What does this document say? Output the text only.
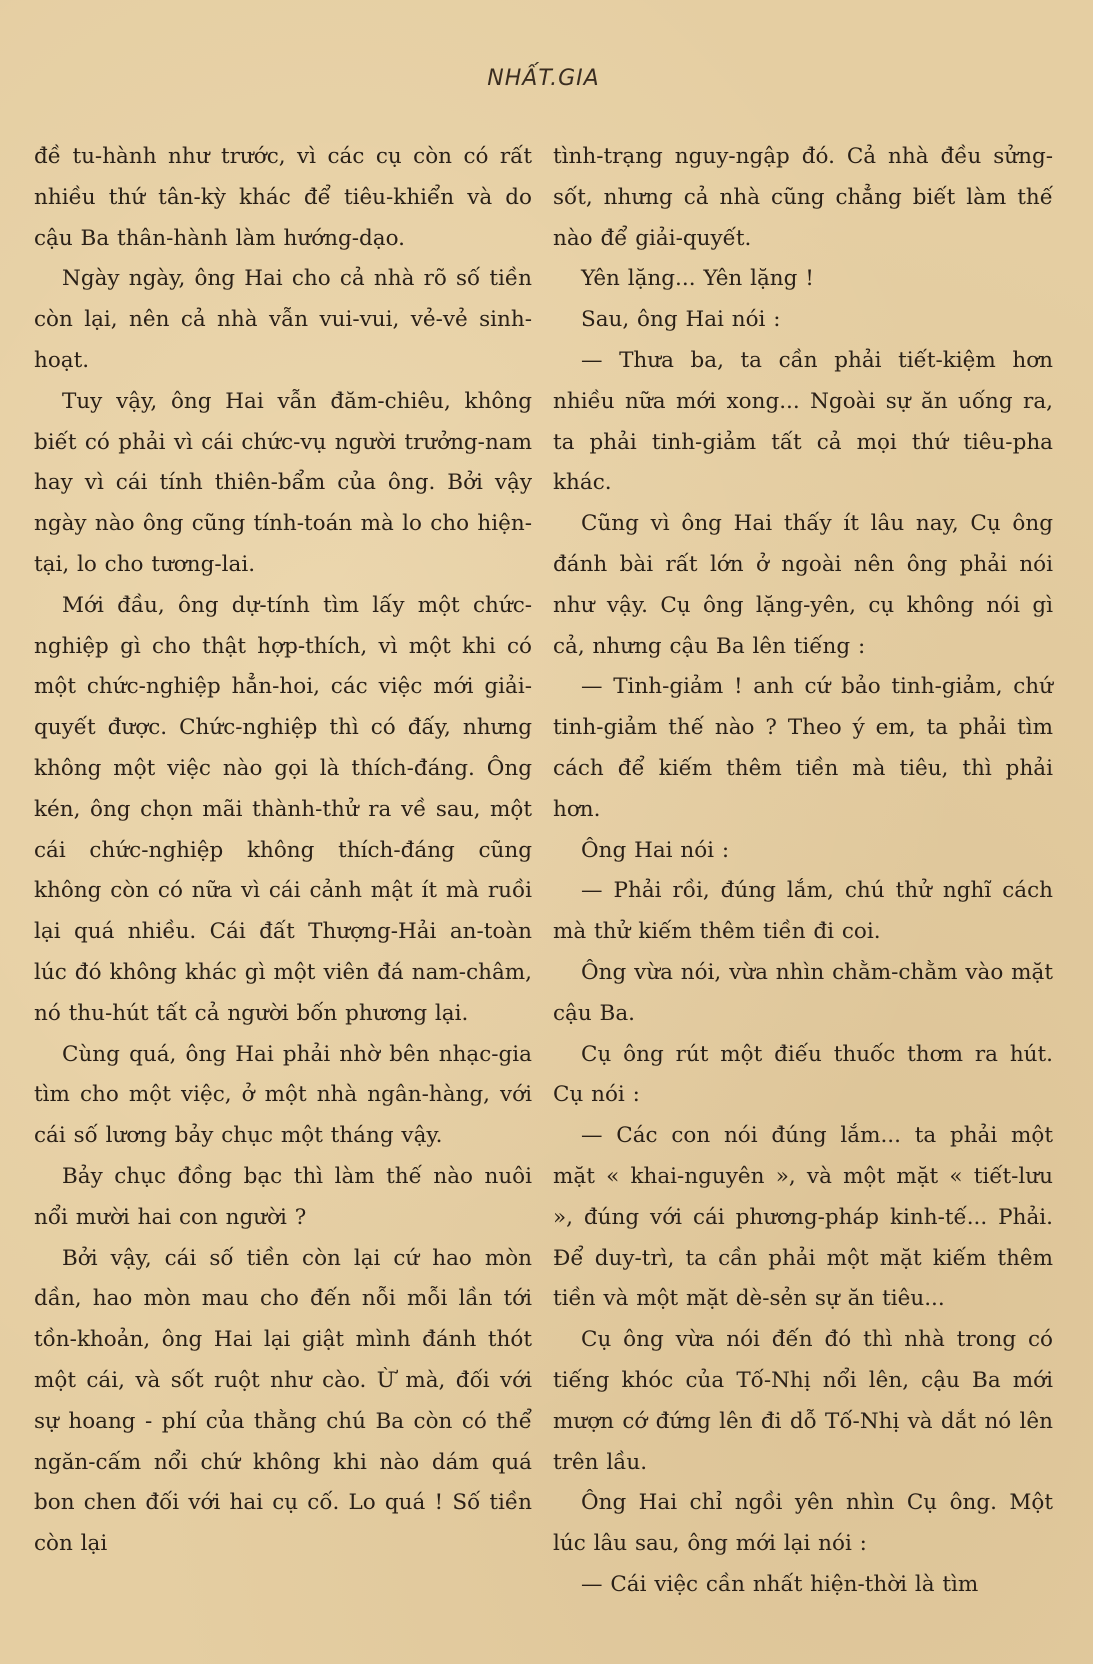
NHẤT.GIA

đề tu-hành như trước, vì các cụ còn có rất nhiều thứ tân-kỳ khác để tiêu-khiển và do cậu Ba thân-hành làm hướng-dạo.

Ngày ngày, ông Hai cho cả nhà rõ số tiền còn lại, nên cả nhà vẫn vui-vui, vẻ-vẻ sinh-hoạt.

Tuy vậy, ông Hai vẫn đăm-chiêu, không biết có phải vì cái chức-vụ người trưởng-nam hay vì cái tính thiên-bẩm của ông. Bởi vậy ngày nào ông cũng tính-toán mà lo cho hiện-tại, lo cho tương-lai.

Mới đầu, ông dự-tính tìm lấy một chức-nghiệp gì cho thật hợp-thích, vì một khi có một chức-nghiệp hẳn-hoi, các việc mới giải-quyết được. Chức-nghiệp thì có đấy, nhưng không một việc nào gọi là thích-đáng. Ông kén, ông chọn mãi thành-thử ra về sau, một cái chức-nghiệp không thích-đáng cũng không còn có nữa vì cái cảnh mật ít mà ruồi lại quá nhiều. Cái đất Thượng-Hải an-toàn lúc đó không khác gì một viên đá nam-châm, nó thu-hút tất cả người bốn phương lại.

Cùng quá, ông Hai phải nhờ bên nhạc-gia tìm cho một việc, ở một nhà ngân-hàng, với cái số lương bảy chục một tháng vậy.

Bảy chục đồng bạc thì làm thế nào nuôi nổi mười hai con người ?

Bởi vậy, cái số tiền còn lại cứ hao mòn dần, hao mòn mau cho đến nỗi mỗi lần tới tồn-khoản, ông Hai lại giật mình đánh thót một cái, và sốt ruột như cào. Ừ mà, đối với sự hoang - phí của thằng chú Ba còn có thể ngăn-cấm nổi chứ không khi nào dám quá bon chen đối với hai cụ cố. Lo quá ! Số tiền còn lại

tình-trạng nguy-ngập đó. Cả nhà đều sửng-sốt, nhưng cả nhà cũng chẳng biết làm thế nào để giải-quyết.

Yên lặng... Yên lặng !

Sau, ông Hai nói :

— Thưa ba, ta cần phải tiết-kiệm hơn nhiều nữa mới xong... Ngoài sự ăn uống ra, ta phải tinh-giảm tất cả mọi thứ tiêu-pha khác.

Cũng vì ông Hai thấy ít lâu nay, Cụ ông đánh bài rất lớn ở ngoài nên ông phải nói như vậy. Cụ ông lặng-yên, cụ không nói gì cả, nhưng cậu Ba lên tiếng :

— Tinh-giảm ! anh cứ bảo tinh-giảm, chứ tinh-giảm thế nào ? Theo ý em, ta phải tìm cách để kiếm thêm tiền mà tiêu, thì phải hơn.

Ông Hai nói :

— Phải rồi, đúng lắm, chú thử nghĩ cách mà thử kiếm thêm tiền đi coi.

Ông vừa nói, vừa nhìn chằm-chằm vào mặt cậu Ba.

Cụ ông rút một điếu thuốc thơm ra hút. Cụ nói :

— Các con nói đúng lắm... ta phải một mặt « khai-nguyên », và một mặt « tiết-lưu », đúng với cái phương-pháp kinh-tế... Phải. Để duy-trì, ta cần phải một mặt kiếm thêm tiền và một mặt dè-sẻn sự ăn tiêu...

Cụ ông vừa nói đến đó thì nhà trong có tiếng khóc của Tố-Nhị nổi lên, cậu Ba mới mượn cớ đứng lên đi dỗ Tố-Nhị và dắt nó lên trên lầu.

Ông Hai chỉ ngồi yên nhìn Cụ ông. Một lúc lâu sau, ông mới lại nói :

— Cái việc cần nhất hiện-thời là tìm
